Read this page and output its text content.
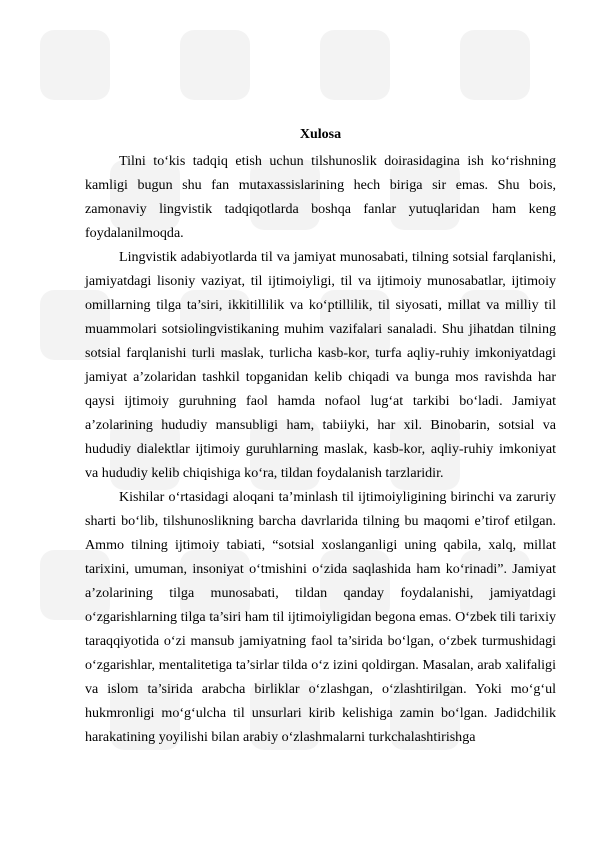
Xulosa

Tilni to‘kis tadqiq etish uchun tilshunoslik doirasidagina ish ko‘rishning kamligi bugun shu fan mutaxassislarining hech biriga sir emas. Shu bois, zamonaviy lingvistik tadqiqotlarda boshqa fanlar yutuqlaridan ham keng foydalanilmoqda.

Lingvistik adabiyotlarda til va jamiyat munosabati, tilning sotsial farqlanishi, jamiyatdagi lisoniy vaziyat, til ijtimoiyligi, til va ijtimoiy munosabatlar, ijtimoiy omillarning tilga ta’siri, ikkitillilik va ko‘ptillilik, til siyosati, millat va milliy til muammolari sotsiolingvistikaning muhim vazifalari sanaladi. Shu jihatdan tilning sotsial farqlanishi turli maslak, turlicha kasb-kor, turfa aqliy-ruhiy imkoniyatdagi jamiyat a’zolaridan tashkil topganidan kelib chiqadi va bunga mos ravishda har qaysi ijtimoiy guruhning faol hamda nofaol lug‘at tarkibi bo‘ladi. Jamiyat a’zolarining hududiy mansubligi ham, tabiiyki, har xil. Binobarin, sotsial va hududiy dialektlar ijtimoiy guruhlarning maslak, kasb-kor, aqliy-ruhiy imkoniyat va hududiy kelib chiqishiga ko‘ra, tildan foydalanish tarzlaridir.

Kishilar o‘rtasidagi aloqani ta’minlash til ijtimoiyligining birinchi va zaruriy sharti bo‘lib, tilshunoslikning barcha davrlarida tilning bu maqomi e’tirof etilgan. Ammo tilning ijtimoiy tabiati, “sotsial xoslanganligi uning qabila, xalq, millat tarixini, umuman, insoniyat o‘tmishini o‘zida saqlashida ham ko‘rinadi”. Jamiyat a’zolarining tilga munosabati, tildan qanday foydalanishi, jamiyatdagi o‘zgarishlarning tilga ta’siri ham til ijtimoiyligidan begona emas. O‘zbek tili tarixiy taraqqiyotida o‘zi mansub jamiyatning faol ta’sirida bo‘lgan, o‘zbek turmushidagi o‘zgarishlar, mentalitetiga ta’sirlar tilda o‘z izini qoldirgan. Masalan, arab xalifaligi va islom ta’sirida arabcha birliklar o‘zlashgan, o‘zlashtirilgan. Yoki mo‘g‘ul hukmronligi mo‘g‘ulcha til unsurlari kirib kelishiga zamin bo‘lgan. Jadidchilik harakatining yoyilishi bilan arabiy o‘zlashmalarni turkchalashtirishga
